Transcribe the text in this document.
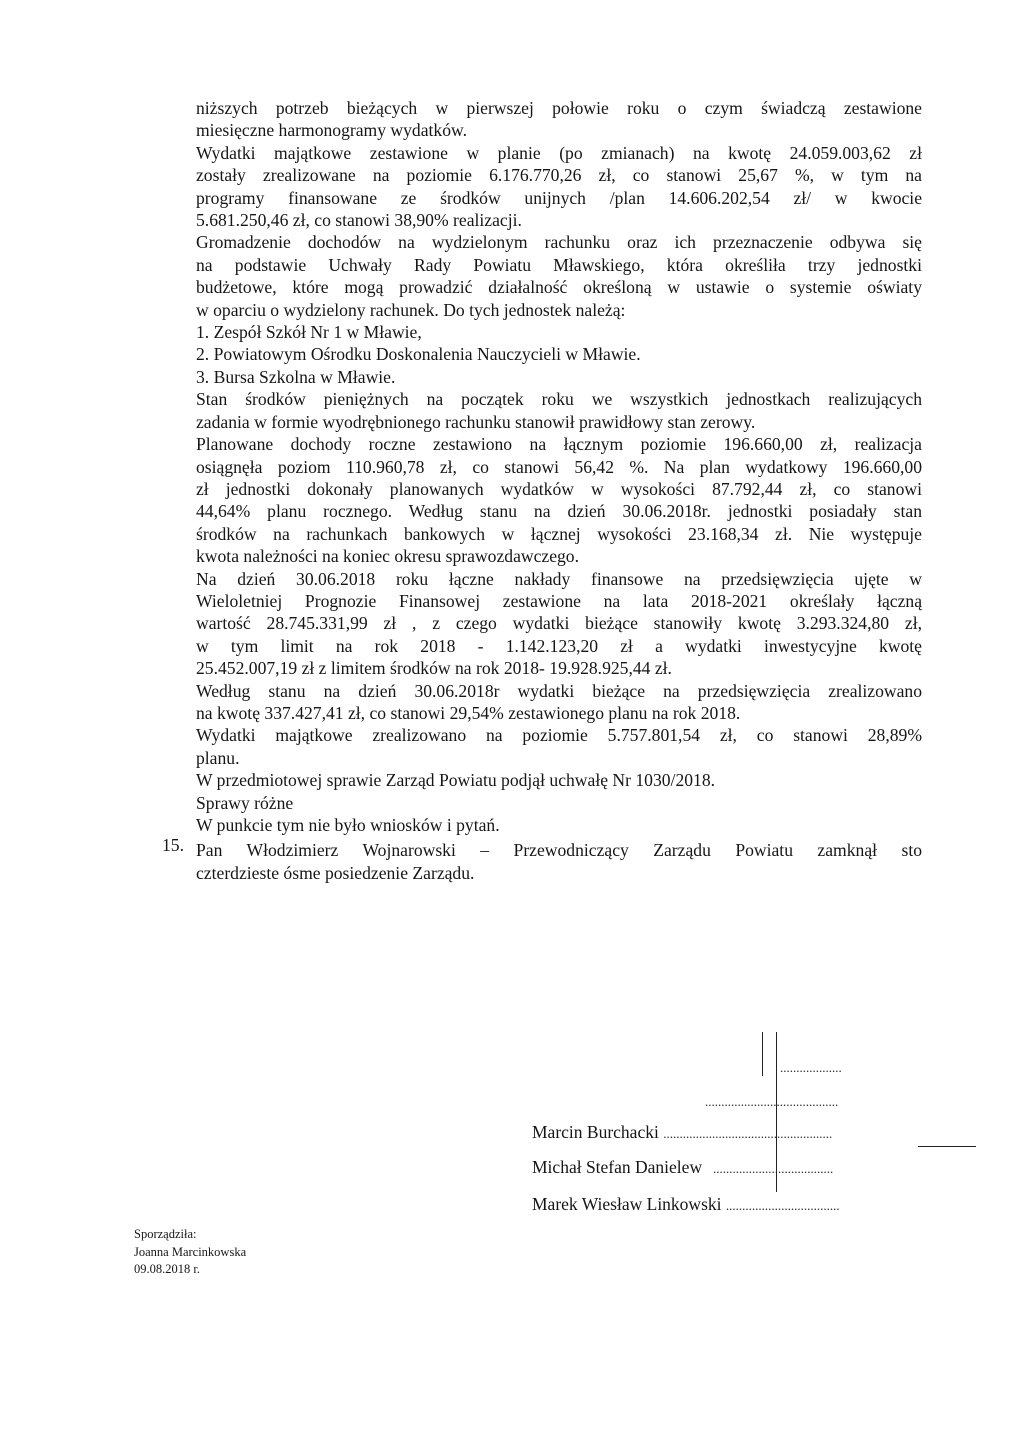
niższych potrzeb bieżących w pierwszej połowie roku o czym świadczą zestawione
miesięczne harmonogramy wydatków.
Wydatki majątkowe zestawione w planie (po zmianach) na kwotę 24.059.003,62 zł
zostały zrealizowane na poziomie 6.176.770,26 zł, co stanowi 25,67 %, w tym na
programy finansowane ze środków unijnych /plan 14.606.202,54 zł/ w kwocie
5.681.250,46 zł, co stanowi 38,90% realizacji.
Gromadzenie dochodów na wydzielonym rachunku oraz ich przeznaczenie odbywa się
na podstawie Uchwały Rady Powiatu Mławskiego, która określiła trzy jednostki
budżetowe, które mogą prowadzić działalność określoną w ustawie o systemie oświaty
w oparciu o wydzielony rachunek. Do tych jednostek należą:
1. Zespół Szkół Nr 1 w Mławie,
2. Powiatowym Ośrodku Doskonalenia Nauczycieli w Mławie.
3. Bursa Szkolna w Mławie.
Stan środków pieniężnych na początek roku we wszystkich jednostkach realizujących
zadania w formie wyodrębnionego rachunku stanowił prawidłowy stan zerowy.
Planowane dochody roczne zestawiono na łącznym poziomie 196.660,00 zł, realizacja
osiągnęła poziom 110.960,78 zł, co stanowi 56,42 %. Na plan wydatkowy 196.660,00
zł jednostki dokonały planowanych wydatków w wysokości 87.792,44 zł, co stanowi
44,64% planu rocznego. Według stanu na dzień 30.06.2018r. jednostki posiadały stan
środków na rachunkach bankowych w łącznej wysokości 23.168,34 zł. Nie występuje
kwota należności na koniec okresu sprawozdawczego.
Na dzień 30.06.2018 roku łączne nakłady finansowe na przedsięwzięcia ujęte w
Wieloletniej Prognozie Finansowej zestawione na lata 2018-2021 określały łączną
wartość 28.745.331,99 zł , z czego wydatki bieżące stanowiły kwotę 3.293.324,80 zł,
w tym limit na rok 2018 - 1.142.123,20 zł a wydatki inwestycyjne kwotę
25.452.007,19 zł z limitem środków na rok 2018- 19.928.925,44 zł.
Według stanu na dzień 30.06.2018r wydatki bieżące na przedsięwzięcia zrealizowano
na kwotę 337.427,41 zł, co stanowi 29,54% zestawionego planu na rok 2018.
Wydatki majątkowe zrealizowano na poziomie 5.757.801,54 zł, co stanowi 28,89%
planu.
W przedmiotowej sprawie Zarząd Powiatu podjął uchwałę Nr 1030/2018.
Sprawy różne
W punkcie tym nie było wniosków i pytań.
Pan Włodzimierz Wojnarowski – Przewodniczący Zarządu Powiatu zamknął sto
czterdzieste ósme posiedzenie Zarządu.
15.
...................
.........................................
Marcin Burchacki ....................................................
Michał Stefan Danielew   .....................................
Marek Wiesław Linkowski ...................................
Sporządziła:
Joanna Marcinkowska
09.08.2018 r.
